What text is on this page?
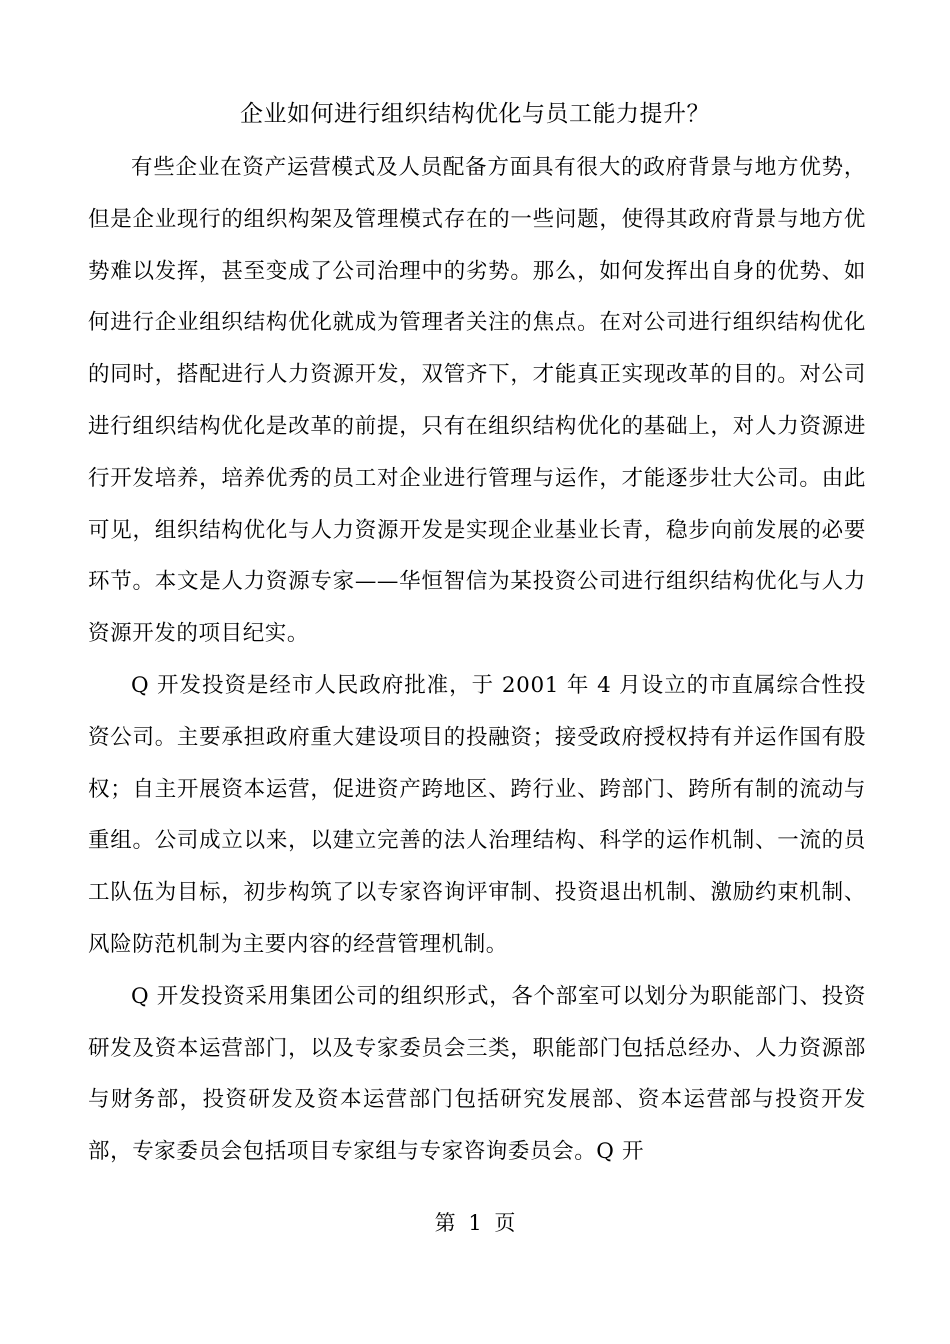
企业如何进行组织结构优化与员工能力提升？

有些企业在资产运营模式及人员配备方面具有很大的政府背景与地方优势，但是企业现行的组织构架及管理模式存在的一些问题，使得其政府背景与地方优势难以发挥，甚至变成了公司治理中的劣势。那么，如何发挥出自身的优势、如何进行企业组织结构优化就成为管理者关注的焦点。在对公司进行组织结构优化的同时，搭配进行人力资源开发，双管齐下，才能真正实现改革的目的。对公司进行组织结构优化是改革的前提，只有在组织结构优化的基础上，对人力资源进行开发培养，培养优秀的员工对企业进行管理与运作，才能逐步壮大公司。由此可见，组织结构优化与人力资源开发是实现企业基业长青，稳步向前发展的必要环节。本文是人力资源专家——华恒智信为某投资公司进行组织结构优化与人力资源开发的项目纪实。

Q 开发投资是经市人民政府批准，于 2001 年 4 月设立的市直属综合性投资公司。主要承担政府重大建设项目的投融资；接受政府授权持有并运作国有股权；自主开展资本运营，促进资产跨地区、跨行业、跨部门、跨所有制的流动与重组。公司成立以来，以建立完善的法人治理结构、科学的运作机制、一流的员工队伍为目标，初步构筑了以专家咨询评审制、投资退出机制、激励约束机制、风险防范机制为主要内容的经营管理机制。

Q 开发投资采用集团公司的组织形式，各个部室可以划分为职能部门、投资研发及资本运营部门，以及专家委员会三类，职能部门包括总经办、人力资源部与财务部，投资研发及资本运营部门包括研究发展部、资本运营部与投资开发部，专家委员会包括项目专家组与专家咨询委员会。Q 开

第 1 页
